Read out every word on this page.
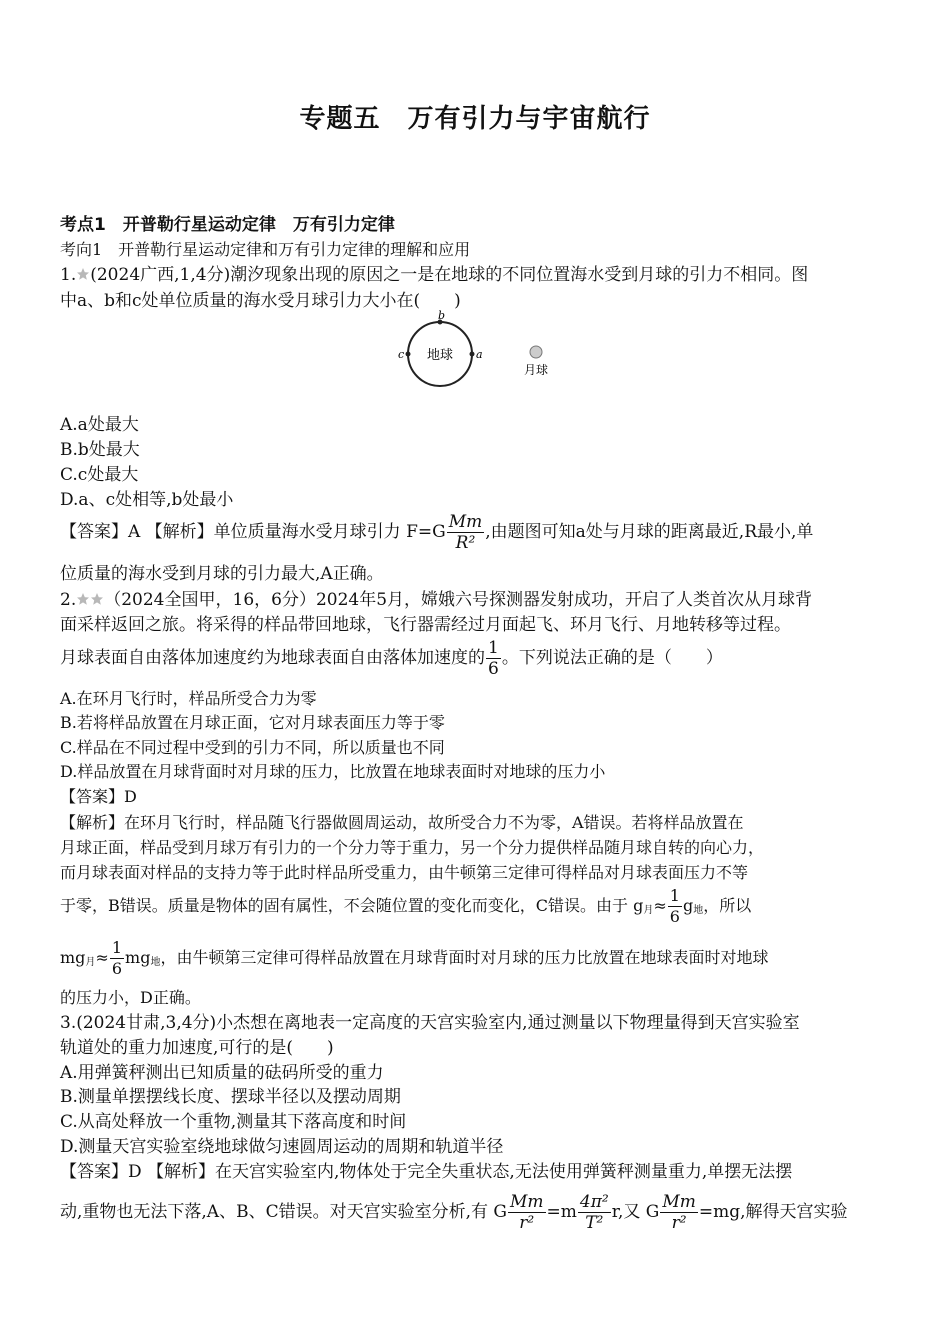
专题五　万有引力与宇宙航行
考点1　开普勒行星运动定律　万有引力定律
考向1　开普勒行星运动定律和万有引力定律的理解和应用
1. (2024广西,1,4分)潮汐现象出现的原因之一是在地球的不同位置海水受到月球的引力不相同。图
中a、b和c处单位质量的海水受月球引力大小在(　　)
地球
b
c	a
月球
A.a处最大
B.b处最大
C.c处最大
D.a、c处相等,b处最小
【答案】A 【解析】单位质量海水受月球引力 $F=G \frac{Mm}{\text{R²}}$ ,由题图可知a处与月球的距离最近,R最小,单
位质量的海水受到月球的引力最大,A正确。
2. （2024全国甲，16，6分）2024年5月，嫦娥六号探测器发射成功，开启了人类首次从月球背
面采样返回之旅。将采得的样品带回地球，飞行器需经过月面起飞、环月飞行、月地转移等过程。
月球表面自由落体加速度约为地球表面自由落体加速度的 $\frac{1}{6}$ 。下列说法正确的是（　　）
A.在环月飞行时，样品所受合力为零
B.若将样品放置在月球正面，它对月球表面压力等于零
C.样品在不同过程中受到的引力不同，所以质量也不同
D.样品放置在月球背面时对月球的压力，比放置在地球表面时对地球的压力小
【答案】D
【解析】在环月飞行时，样品随飞行器做圆周运动，故所受合力不为零，A错误。若将样品放置在
月球正面，样品受到月球万有引力的一个分力等于重力，另一个分力提供样品随月球自转的向心力，
而月球表面对样品的支持力等于此时样品所受重力，由牛顿第三定律可得样品对月球表面压力不等
于零，B错误。质量是物体的固有属性，不会随位置的变化而变化，C错误。由于 $g_月\approx \frac{1}{6} g_地$，所以
$mg_月\approx \frac{1}{6} mg_地$，由牛顿第三定律可得样品放置在月球背面时对月球的压力比放置在地球表面时对地球
的压力小，D正确。
3.(2024甘肃,3,4分)小杰想在离地表一定高度的天宫实验室内,通过测量以下物理量得到天宫实验室
轨道处的重力加速度,可行的是(　　)
A.用弹簧秤测出已知质量的砝码所受的重力
B.测量单摆摆线长度、摆球半径以及摆动周期
C.从高处释放一个重物,测量其下落高度和时间
D.测量天宫实验室绕地球做匀速圆周运动的周期和轨道半径
【答案】D 【解析】在天宫实验室内,物体处于完全失重状态,无法使用弹簧秤测量重力,单摆无法摆
动,重物也无法下落,A、B、C错误。对天宫实验室分析,有 G $\frac{Mm}{\text{r²}} =m \frac{\text{4π²}}{\text{T²}} r$,又 G $\frac{Mm}{\text{r²}} =mg$,解得天宫实验
